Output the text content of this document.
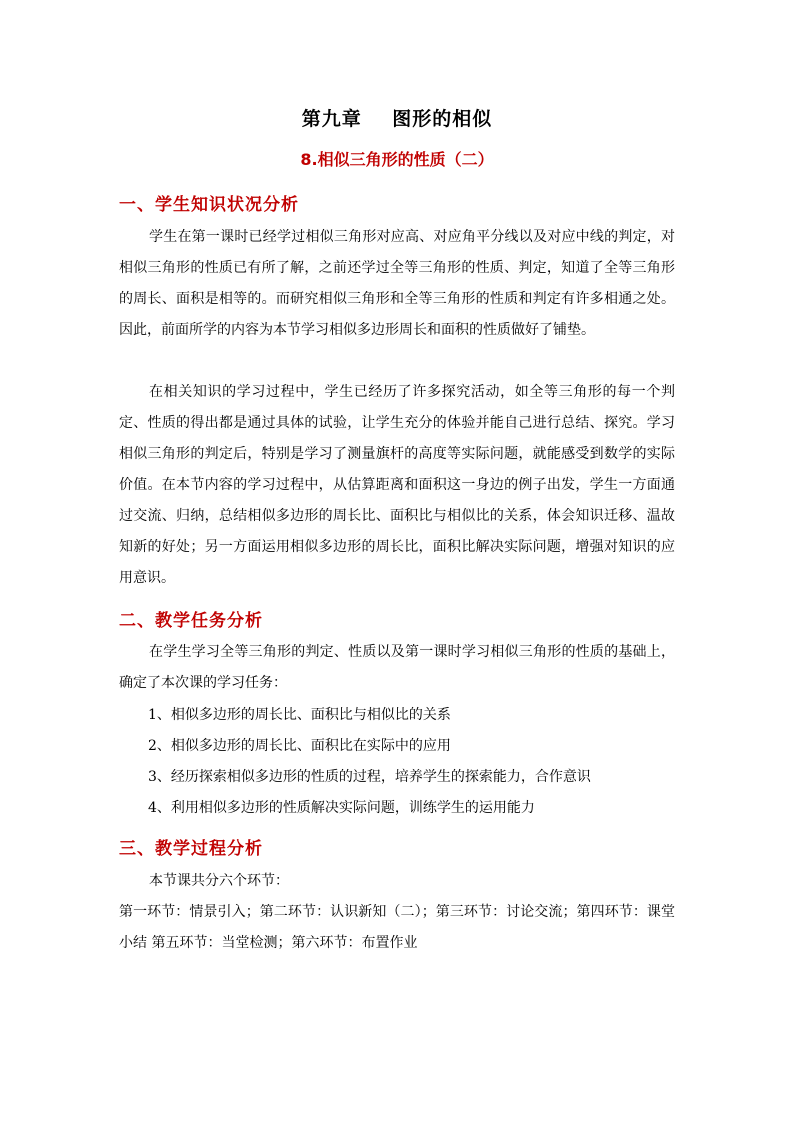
第九章    图形的相似
8.相似三角形的性质（二）
一、学生知识状况分析
学生在第一课时已经学过相似三角形对应高、对应角平分线以及对应中线的判定，对相似三角形的性质已有所了解，之前还学过全等三角形的性质、判定，知道了全等三角形的周长、面积是相等的。而研究相似三角形和全等三角形的性质和判定有许多相通之处。因此，前面所学的内容为本节学习相似多边形周长和面积的性质做好了铺垫。
在相关知识的学习过程中，学生已经历了许多探究活动，如全等三角形的每一个判定、性质的得出都是通过具体的试验，让学生充分的体验并能自己进行总结、探究。学习相似三角形的判定后，特别是学习了测量旗杆的高度等实际问题，就能感受到数学的实际价值。在本节内容的学习过程中，从估算距离和面积这一身边的例子出发，学生一方面通过交流、归纳，总结相似多边形的周长比、面积比与相似比的关系，体会知识迁移、温故知新的好处；另一方面运用相似多边形的周长比，面积比解决实际问题，增强对知识的应用意识。
二、教学任务分析
在学生学习全等三角形的判定、性质以及第一课时学习相似三角形的性质的基础上，确定了本次课的学习任务：
1、相似多边形的周长比、面积比与相似比的关系
2、相似多边形的周长比、面积比在实际中的应用
3、经历探索相似多边形的性质的过程，培养学生的探索能力，合作意识
4、利用相似多边形的性质解决实际问题，训练学生的运用能力
三、教学过程分析
本节课共分六个环节：
第一环节：情景引入；第二环节：认识新知（二）；第三环节：讨论交流；第四环节：课堂小结 第五环节：当堂检测；第六环节：布置作业
